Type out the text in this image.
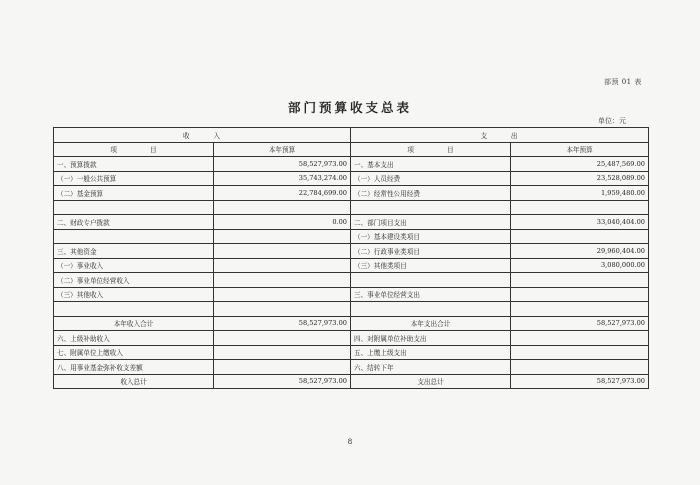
部预 01 表
部门预算收支总表
单位：元
收　　　入		支　　　出	
项　　　　　目	本年预算	项　　　　　目	本年预算
一、预算拨款	58,527,973.00	一、基本支出	25,487,569.00
（一）一般公共预算	35,743,274.00	（一）人员经费	23,528,089.00
（二）基金预算	22,784,699.00	（二）经常性公用经费	1,959,480.00

二、财政专户拨款	0.00	二、部门项目支出	33,040,404.00
		（一）基本建设类项目	
三、其他资金		（二）行政事业类项目	29,960,404.00
（一）事业收入		（三）其他类项目	3,080,000.00
（二）事业单位经营收入			
（三）其他收入		三、事业单位经营支出	

本年收入合计	58,527,973.00	本年支出合计	58,527,973.00
六、上级补助收入		四、对附属单位补助支出	
七、附属单位上缴收入		五、上缴上级支出	
八、用事业基金弥补收支差额		六、结转下年	
收入总计	58,527,973.00	支出总计	58,527,973.00
8
